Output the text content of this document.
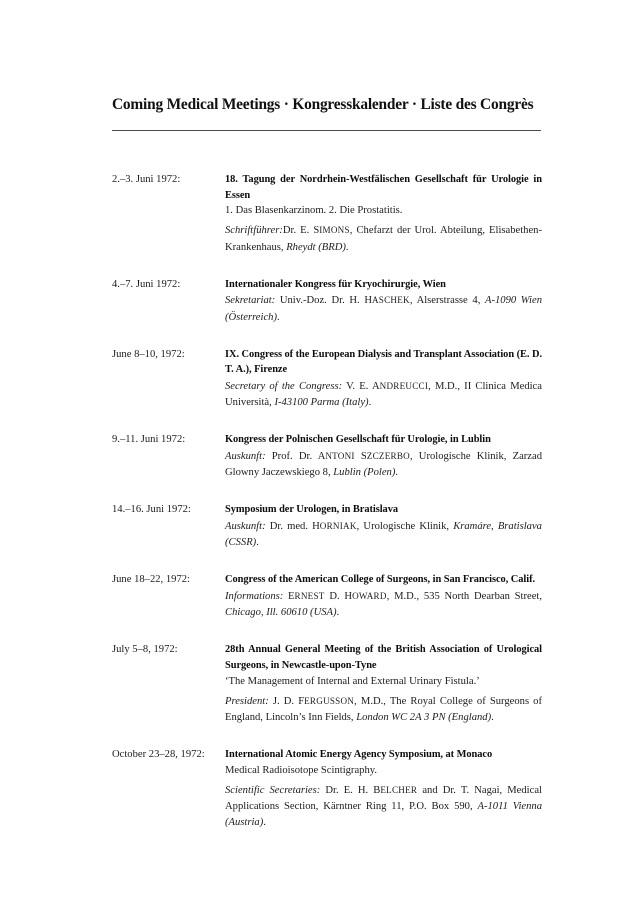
Coming Medical Meetings · Kongresskalender · Liste des Congrès
2.–3. Juni 1972:	18. Tagung der Nordrhein-Westfälischen Gesellschaft für Urologie in Essen
1. Das Blasenkarzinom. 2. Die Prostatitis.
Schriftführer:Dr. E. SIMONS, Chefarzt der Urol. Abteilung, Elisabethen-Krankenhaus, Rheydt (BRD).
4.–7. Juni 1972:	Internationaler Kongress für Kryochirurgie, Wien
Sekretariat: Univ.-Doz. Dr. H. HASCHEK, Alserstrasse 4, A-1090 Wien (Österreich).
June 8–10, 1972:	IX. Congress of the European Dialysis and Transplant Association (E. D. T. A.), Firenze
Secretary of the Congress: V. E. ANDREUCCI, M.D., II Clinica Medica Università, I-43100 Parma (Italy).
9.–11. Juni 1972:	Kongress der Polnischen Gesellschaft für Urologie, in Lublin
Auskunft: Prof. Dr. ANTONI SZCZERBO, Urologische Klinik, Zarzad Glowny Jaczewskiego 8, Lublin (Polen).
14.–16. Juni 1972:	Symposium der Urologen, in Bratislava
Auskunft: Dr. med. HORNIAK, Urologische Klinik, Kramáre, Bratislava (CSSR).
June 18–22, 1972:	Congress of the American College of Surgeons, in San Francisco, Calif.
Informations: ERNEST D. HOWARD, M.D., 535 North Dearban Street, Chicago, Ill. 60610 (USA).
July 5–8, 1972:	28th Annual General Meeting of the British Association of Urological Surgeons, in Newcastle-upon-Tyne
‘The Management of Internal and External Urinary Fistula.’
President: J. D. FERGUSSON, M.D., The Royal College of Surgeons of England, Lincoln’s Inn Fields, London WC 2A 3 PN (England).
October 23–28, 1972:	International Atomic Energy Agency Symposium, at Monaco
Medical Radioisotope Scintigraphy.
Scientific Secretaries: Dr. E. H. BELCHER and Dr. T. Nagai, Medical Applications Section, Kärntner Ring 11, P.O. Box 590, A-1011 Vienna (Austria).
